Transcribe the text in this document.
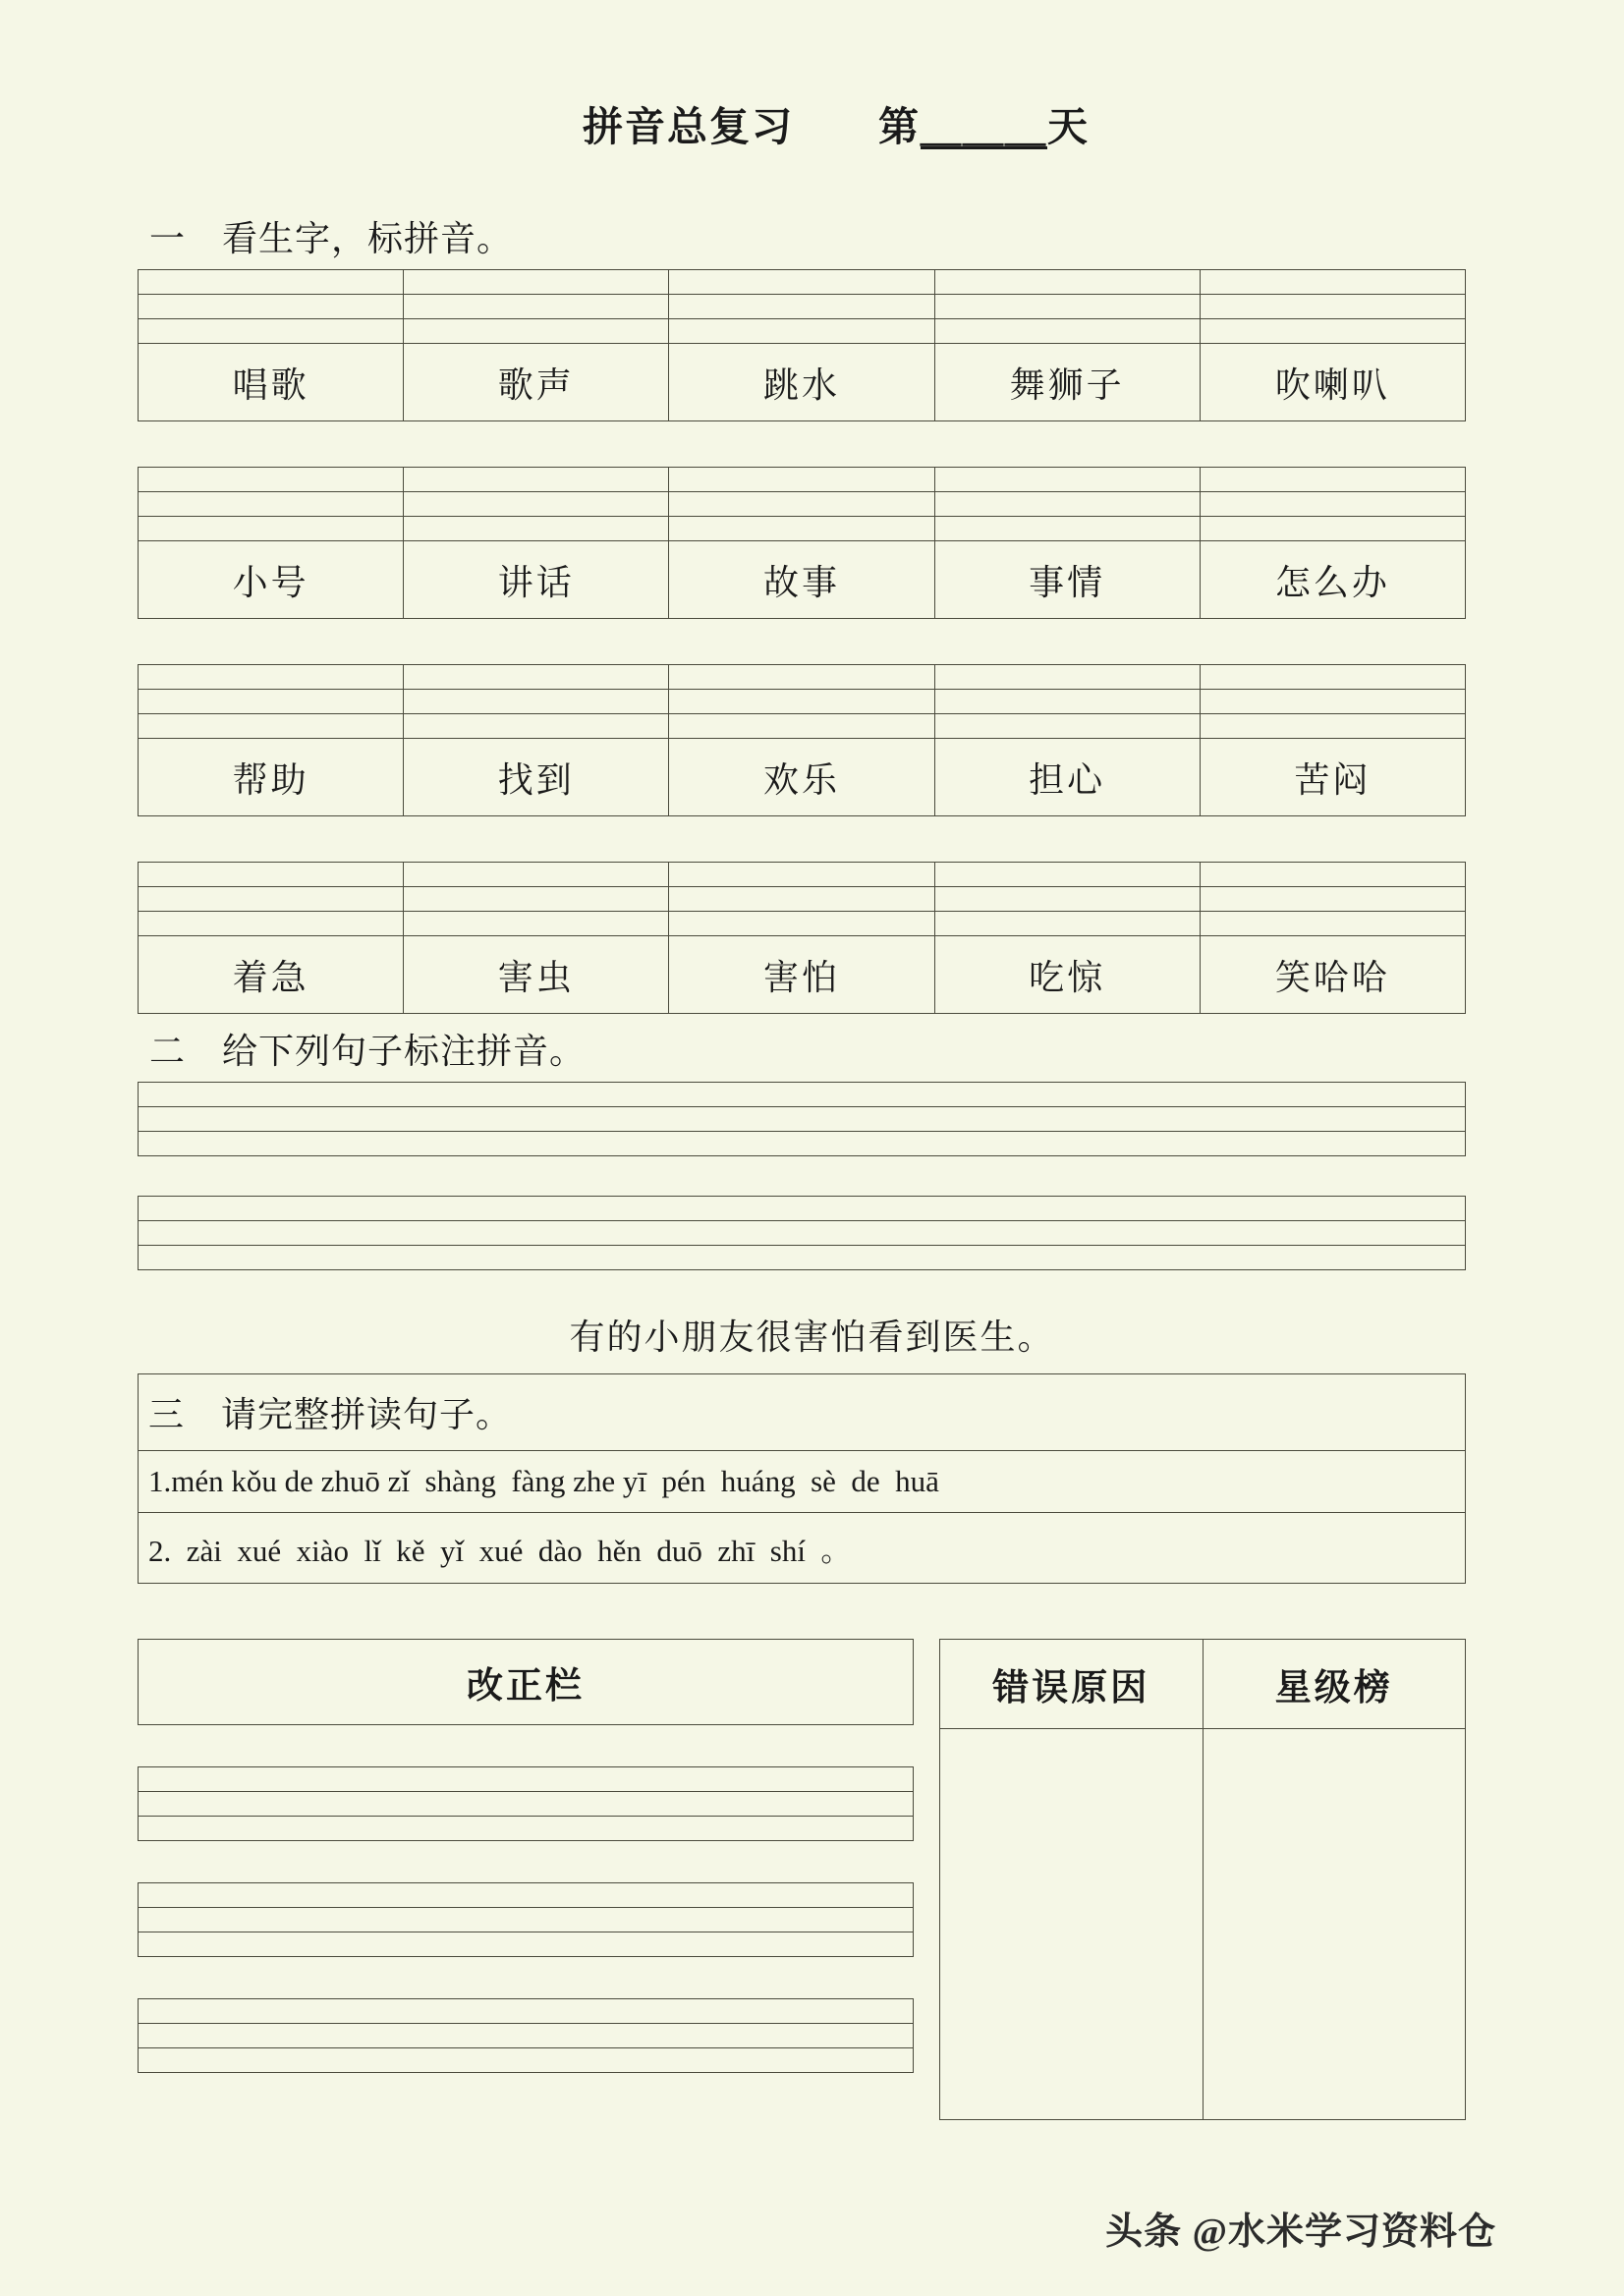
拼音总复习　　 第＿＿＿天

一　看生字，标拼音。

唱歌	歌声	跳水	舞狮子	吹喇叭

小号	讲话	故事	事情	怎么办

帮助	找到	欢乐	担心	苦闷

着急	害虫	害怕	吃惊	笑哈哈
二　给下列句子标注拼音。

有的小朋友很害怕看到医生。
三　请完整拼读句子。
1.mén kǒu de zhuō zǐ  shàng  fàng zhe yī  pén  huáng  sè  de  huā
2.  zài  xué  xiào  lǐ  kě  yǐ  xué  dào  hěn  duō  zhī  shí  。
改正栏	错误原因	星级榜

头条 @水米学习资料仓
